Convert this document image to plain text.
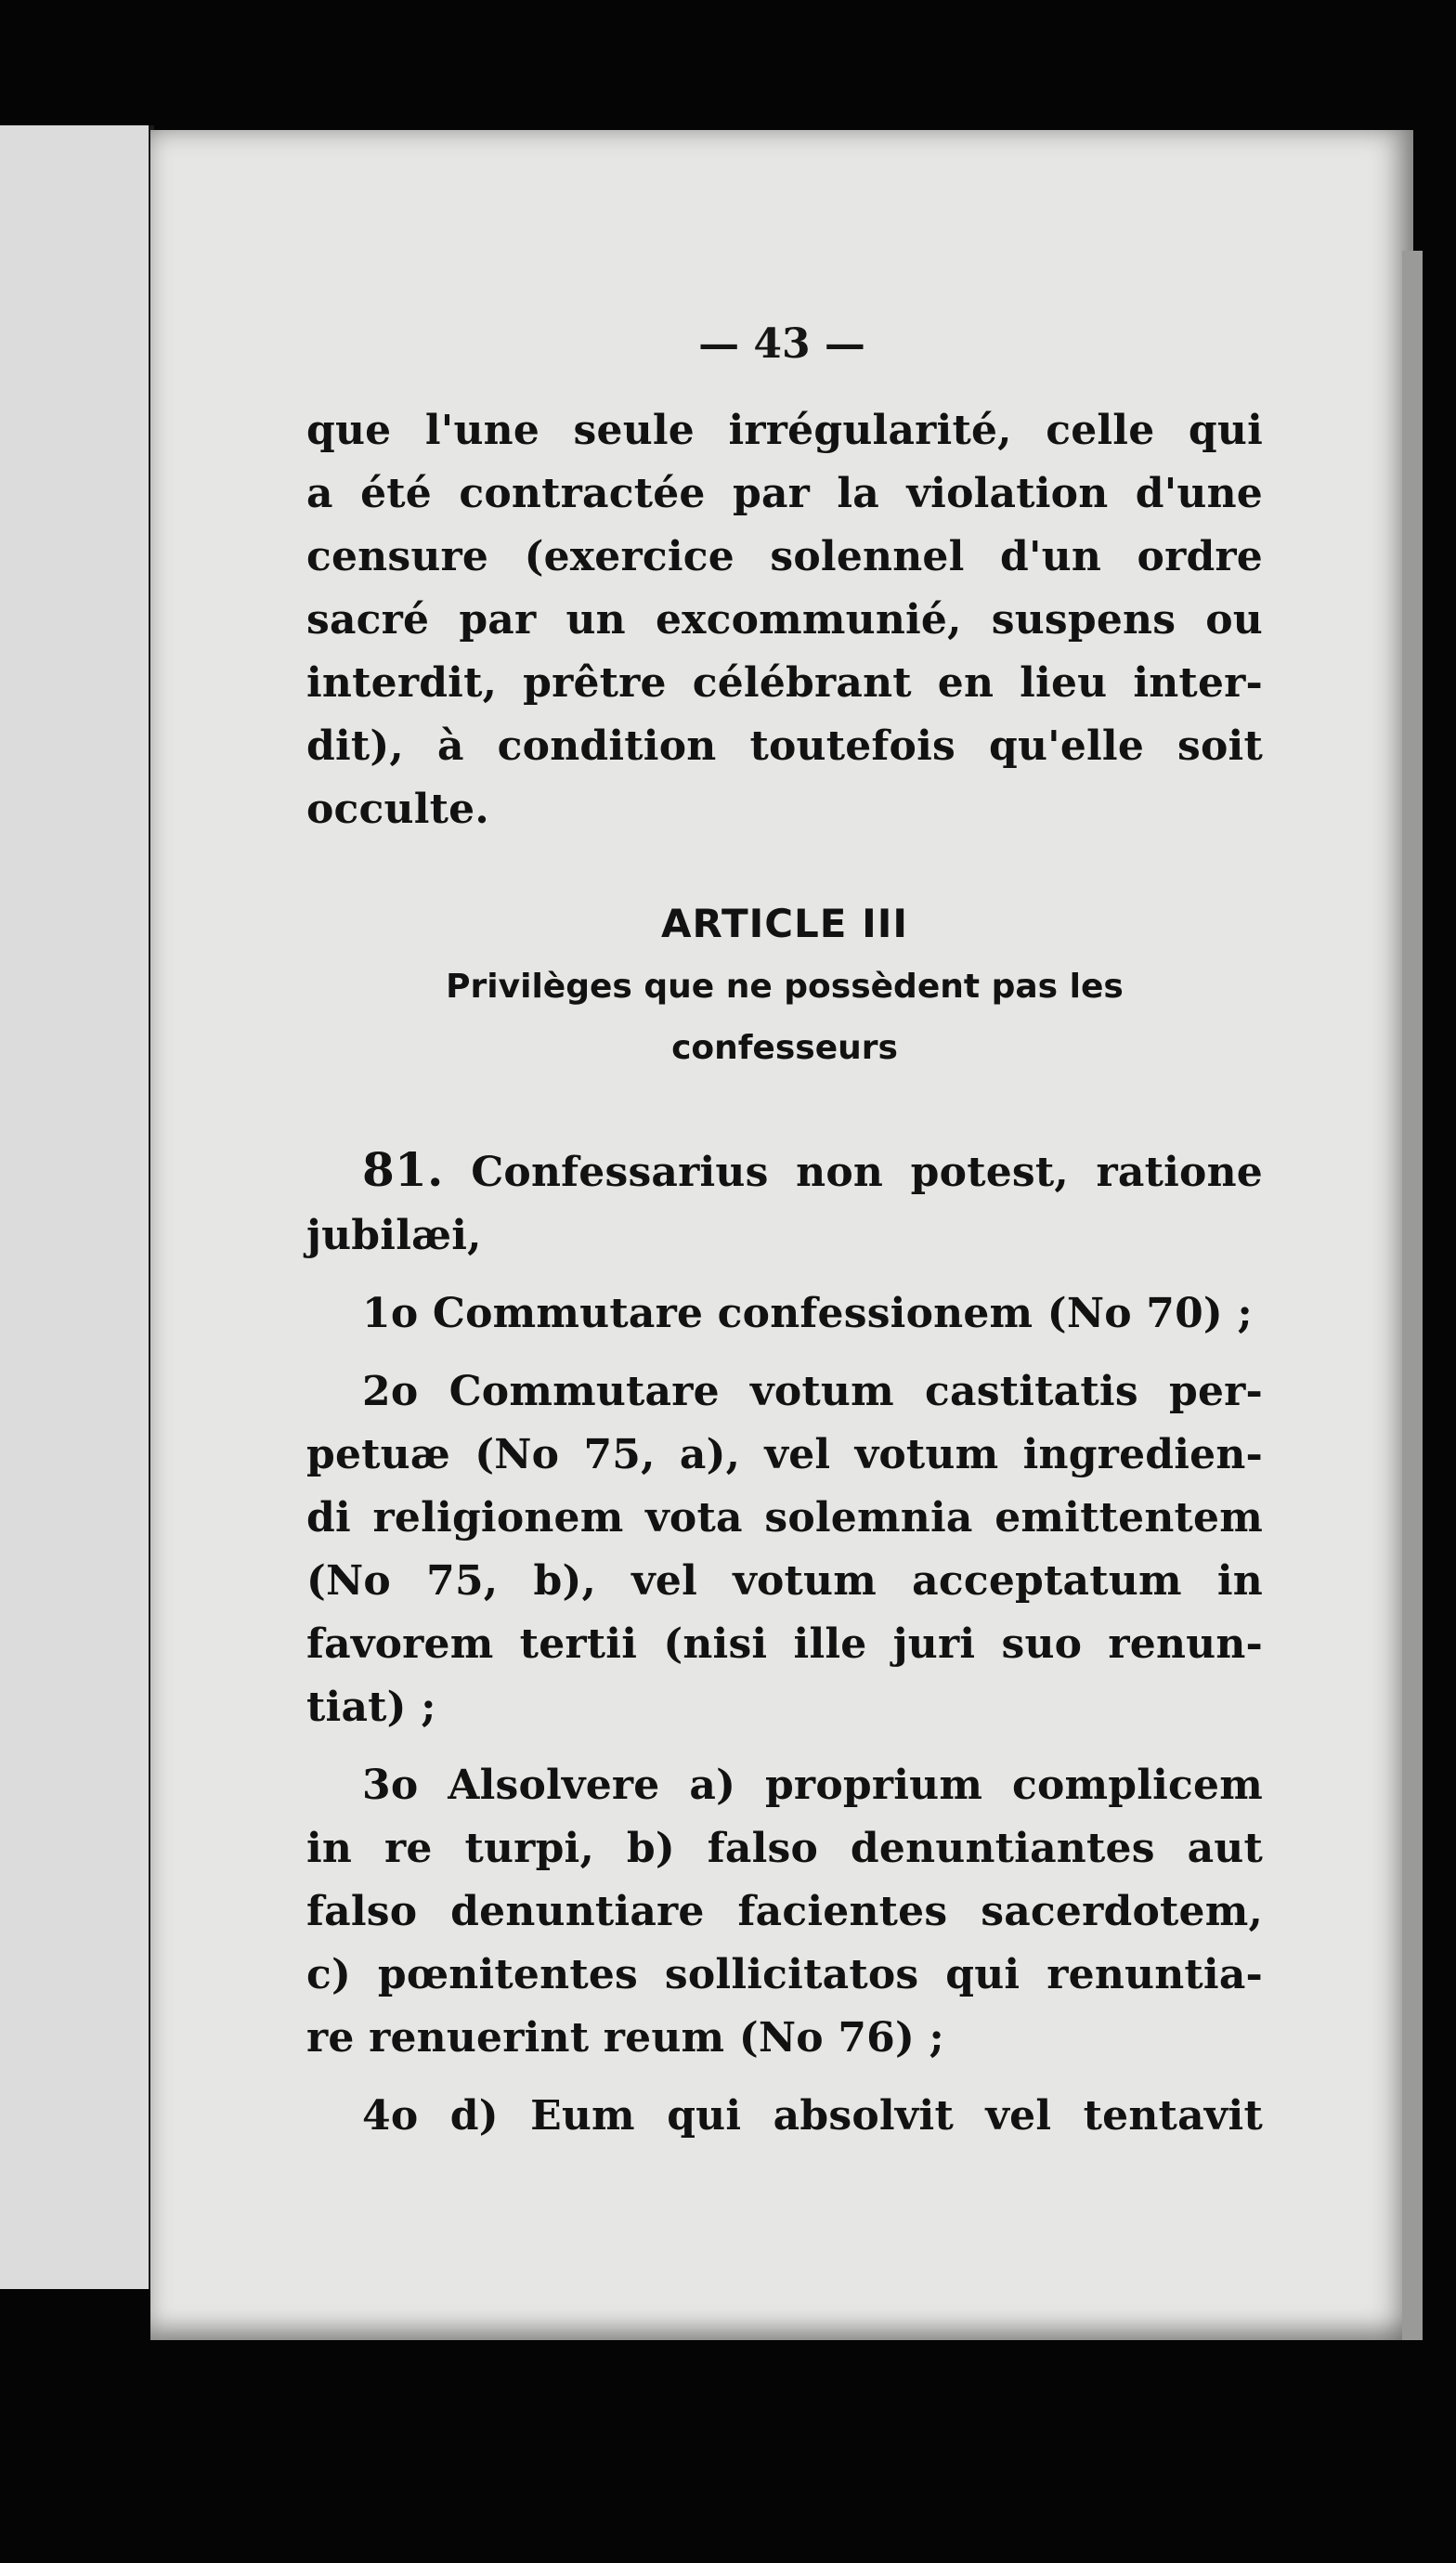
— 43 —
que l'une seule irrégularité, celle qui
a été contractée par la violation d'une
censure (exercice solennel d'un ordre
sacré par un excommunié, suspens ou
interdit, prêtre célébrant en lieu inter-
dit), à condition toutefois qu'elle soit
occulte.
ARTICLE III
Privilèges que ne possèdent pas les
confesseurs
81. Confessarius non potest, ratione
jubilæi,
1o Commutare confessionem (No 70) ;
2o Commutare votum castitatis per-
petuæ (No 75, a), vel votum ingredien-
di religionem vota solemnia emittentem
(No 75, b), vel votum acceptatum in
favorem tertii (nisi ille juri suo renun-
tiat) ;
3o Alsolvere a) proprium complicem
in re turpi, b) falso denuntiantes aut
falso denuntiare facientes sacerdotem,
c) pœnitentes sollicitatos qui renuntia-
re renuerint reum (No 76) ;
4o d) Eum qui absolvit vel tentavit
